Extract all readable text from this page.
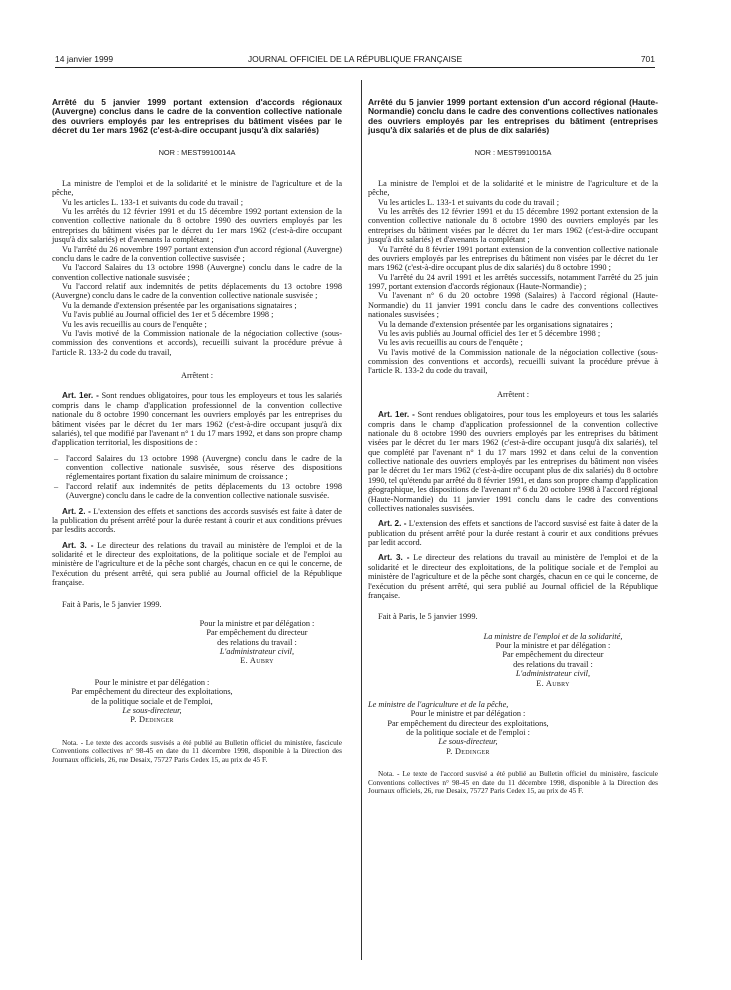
14 janvier 1999	JOURNAL OFFICIEL DE LA RÉPUBLIQUE FRANÇAISE	701
Arrêté du 5 janvier 1999 portant extension d'accords régionaux (Auvergne) conclus dans le cadre de la convention collective nationale des ouvriers employés par les entreprises du bâtiment visées par le décret du 1er mars 1962 (c'est-à-dire occupant jusqu'à dix salariés)
NOR : MEST9910014A

La ministre de l'emploi et de la solidarité et le ministre de l'agriculture et de la pêche,

Vu les articles L. 133-1 et suivants du code du travail ;

Vu les arrêtés du 12 février 1991 et du 15 décembre 1992 portant extension de la convention collective nationale du 8 octobre 1990 des ouvriers employés par les entreprises du bâtiment visées par le décret du 1er mars 1962 (c'est-à-dire occupant jusqu'à dix salariés) et d'avenants la complétant ;

Vu l'arrêté du 26 novembre 1997 portant extension d'un accord régional (Auvergne) conclu dans le cadre de la convention collective susvisée ;

Vu l'accord Salaires du 13 octobre 1998 (Auvergne) conclu dans le cadre de la convention collective nationale susvisée ;

Vu l'accord relatif aux indemnités de petits déplacements du 13 octobre 1998 (Auvergne) conclu dans le cadre de la convention collective nationale susvisée ;

Vu la demande d'extension présentée par les organisations signataires ;

Vu l'avis publié au Journal officiel des 1er et 5 décembre 1998 ;

Vu les avis recueillis au cours de l'enquête ;

Vu l'avis motivé de la Commission nationale de la négociation collective (sous-commission des conventions et accords), recueilli suivant la procédure prévue à l'article R. 133-2 du code du travail,

Arrêtent :

Art. 1er. - Sont rendues obligatoires, pour tous les employeurs et tous les salariés compris dans le champ d'application professionnel de la convention collective nationale du 8 octobre 1990 concernant les ouvriers employés par les entreprises du bâtiment visées par le décret du 1er mars 1962 (c'est-à-dire occupant jusqu'à dix salariés), tel que modifié par l'avenant n° 1 du 17 mars 1992, et dans son propre champ d'application territorial, les dispositions de :

– l'accord Salaires du 13 octobre 1998 (Auvergne) conclu dans le cadre de la convention collective nationale susvisée, sous réserve des dispositions réglementaires portant fixation du salaire minimum de croissance ;
– l'accord relatif aux indemnités de petits déplacements du 13 octobre 1998 (Auvergne) conclu dans le cadre de la convention collective nationale susvisée.

Art. 2. - L'extension des effets et sanctions des accords susvisés est faite à dater de la publication du présent arrêté pour la durée restant à courir et aux conditions prévues par lesdits accords.

Art. 3. - Le directeur des relations du travail au ministère de l'emploi et de la solidarité et le directeur des exploitations, de la politique sociale et de l'emploi au ministère de l'agriculture et de la pêche sont chargés, chacun en ce qui le concerne, de l'exécution du présent arrêté, qui sera publié au Journal officiel de la République française.

Fait à Paris, le 5 janvier 1999.
Pour la ministre et par délégation :
Par empêchement du directeur
des relations du travail :
L'administrateur civil,
E. Aubry
Pour le ministre et par délégation :
Par empêchement du directeur des exploitations,
de la politique sociale et de l'emploi,
Le sous-directeur,
P. Dedinger
Nota. - Le texte des accords susvisés a été publié au Bulletin officiel du ministère, fascicule Conventions collectives n° 98-45 en date du 11 décembre 1998, disponible à la Direction des Journaux officiels, 26, rue Desaix, 75727 Paris Cedex 15, au prix de 45 F.
Arrêté du 5 janvier 1999 portant extension d'un accord régional (Haute-Normandie) conclu dans le cadre des conventions collectives nationales des ouvriers employés par les entreprises du bâtiment (entreprises jusqu'à dix salariés et de plus de dix salariés)
NOR : MEST9910015A

La ministre de l'emploi et de la solidarité et le ministre de l'agriculture et de la pêche,

Vu les articles L. 133-1 et suivants du code du travail ;

Vu les arrêtés des 12 février 1991 et du 15 décembre 1992 portant extension de la convention collective nationale du 8 octobre 1990 des ouvriers employés par les entreprises du bâtiment visées par le décret du 1er mars 1962 (c'est-à-dire occupant jusqu'à dix salariés) et d'avenants la complétant ;

Vu l'arrêté du 8 février 1991 portant extension de la convention collective nationale des ouvriers employés par les entreprises du bâtiment non visées par le décret du 1er mars 1962 (c'est-à-dire occupant plus de dix salariés) du 8 octobre 1990 ;

Vu l'arrêté du 24 avril 1991 et les arrêtés successifs, notamment l'arrêté du 25 juin 1997, portant extension d'accords régionaux (Haute-Normandie) ;

Vu l'avenant n° 6 du 20 octobre 1998 (Salaires) à l'accord régional (Haute-Normandie) du 11 janvier 1991 conclu dans le cadre des conventions collectives nationales susvisées ;

Vu la demande d'extension présentée par les organisations signataires ;

Vu les avis publiés au Journal officiel des 1er et 5 décembre 1998 ;

Vu les avis recueillis au cours de l'enquête ;

Vu l'avis motivé de la Commission nationale de la négociation collective (sous-commission des conventions et accords), recueilli suivant la procédure prévue à l'article R. 133-2 du code du travail,

Arrêtent :

Art. 1er. - Sont rendues obligatoires, pour tous les employeurs et tous les salariés compris dans le champ d'application professionnel de la convention collective nationale du 8 octobre 1990 des ouvriers employés par les entreprises du bâtiment visées par le décret du 1er mars 1962 (c'est-à-dire occupant jusqu'à dix salariés), tel que complété par l'avenant n° 1 du 17 mars 1992 et dans celui de la convention collective nationale des ouvriers employés par les entreprises du bâtiment non visées par le décret du 1er mars 1962 (c'est-à-dire occupant plus de dix salariés) du 8 octobre 1990, tel qu'étendu par arrêté du 8 février 1991, et dans son propre champ d'application géographique, les dispositions de l'avenant n° 6 du 20 octobre 1998 à l'accord régional (Haute-Normandie) du 11 janvier 1991 conclu dans le cadre des conventions collectives nationales susvisées.

Art. 2. - L'extension des effets et sanctions de l'accord susvisé est faite à dater de la publication du présent arrêté pour la durée restant à courir et aux conditions prévues par ledit accord.

Art. 3. - Le directeur des relations du travail au ministère de l'emploi et de la solidarité et le directeur des exploitations, de la politique sociale et de l'emploi au ministère de l'agriculture et de la pêche sont chargés, chacun en ce qui le concerne, de l'exécution du présent arrêté, qui sera publié au Journal officiel de la République française.

Fait à Paris, le 5 janvier 1999.
La ministre de l'emploi et de la solidarité,
Pour la ministre et par délégation :
Par empêchement du directeur
des relations du travail :
L'administrateur civil,
E. Aubry
Le ministre de l'agriculture et de la pêche,
Pour le ministre et par délégation :
Par empêchement du directeur des exploitations,
de la politique sociale et de l'emploi :
Le sous-directeur,
P. Dedinger
Nota. - Le texte de l'accord susvisé a été publié au Bulletin officiel du ministère, fascicule Conventions collectives n° 98-45 en date du 11 décembre 1998, disponible à la Direction des Journaux officiels, 26, rue Desaix, 75727 Paris Cedex 15, au prix de 45 F.
